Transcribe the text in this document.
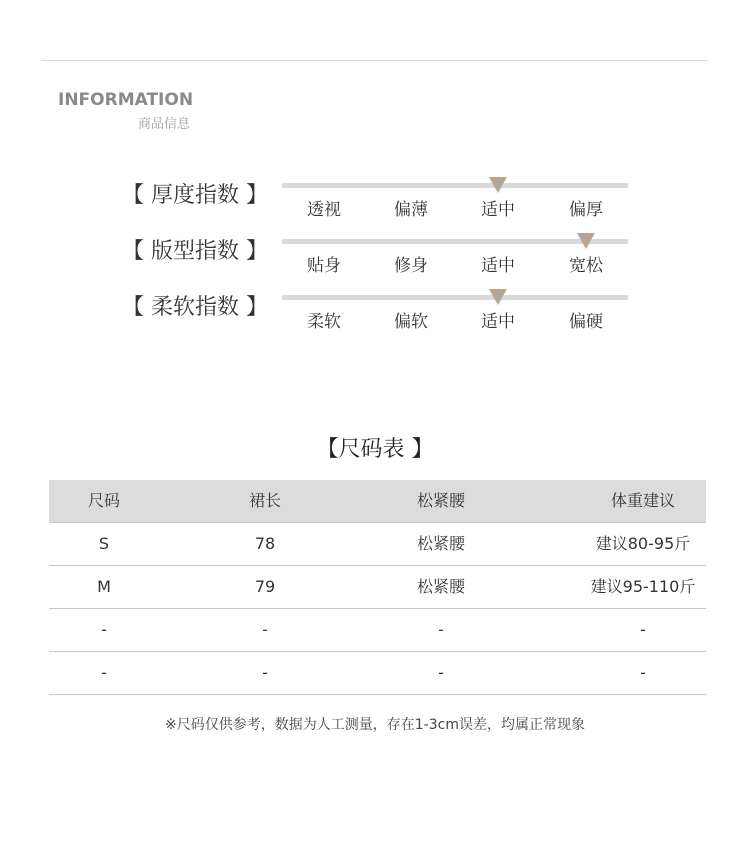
INFORMATION
商品信息
【 厚度指数 】
透视	偏薄	适中	偏厚
【 版型指数 】
贴身	修身	适中	宽松
【 柔软指数 】
柔软	偏软	适中	偏硬
【尺码表 】
尺码	裙长	松紧腰	体重建议
S	78	松紧腰	建议80-95斤
M	79	松紧腰	建议95-110斤
-	-	-	-
-	-	-	-
※尺码仅供参考，数据为人工测量，存在1-3cm误差，均属正常现象
